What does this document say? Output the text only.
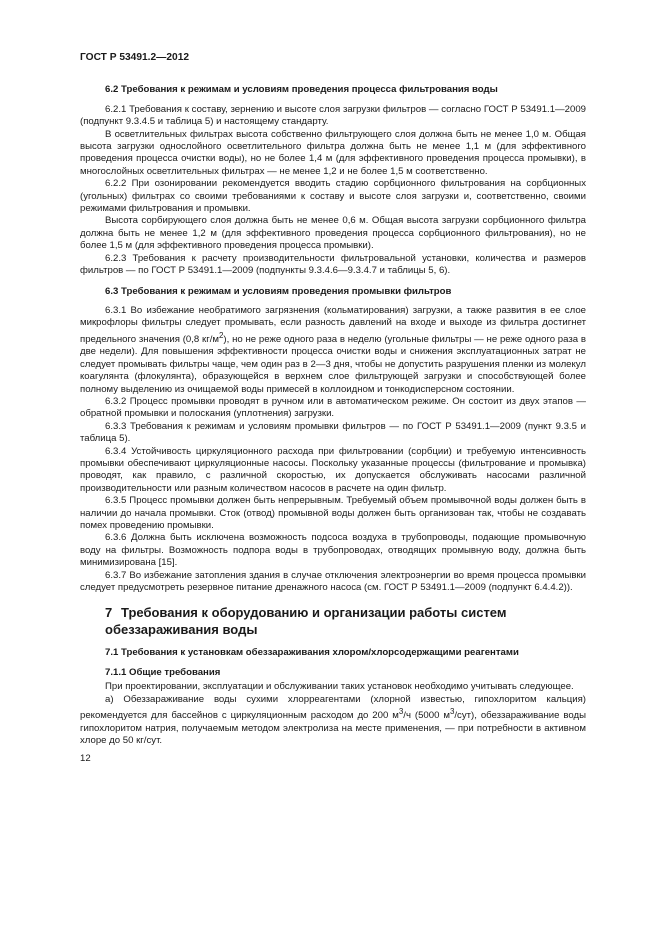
ГОСТ Р 53491.2—2012
6.2 Требования к режимам и условиям проведения процесса фильтрования воды

6.2.1 Требования к составу, зернению и высоте слоя загрузки фильтров — согласно ГОСТ Р 53491.1—2009 (подпункт 9.3.4.5 и таблица 5) и настоящему стандарту.

В осветлительных фильтрах высота собственно фильтрующего слоя должна быть не менее 1,0 м. Общая высота загрузки однослойного осветлительного фильтра должна быть не менее 1,1 м (для эффективного проведения процесса очистки воды), но не более 1,4 м (для эффективного проведения процесса промывки), в многослойных осветлительных фильтрах — не менее 1,2 и не более 1,5 м соответственно.

6.2.2 При озонировании рекомендуется вводить стадию сорбционного фильтрования на сорбционных (угольных) фильтрах со своими требованиями к составу и высоте слоя загрузки и, соответственно, своими режимами фильтрования и промывки.

Высота сорбирующего слоя должна быть не менее 0,6 м. Общая высота загрузки сорбционного фильтра должна быть не менее 1,2 м (для эффективного проведения процесса сорбционного фильтрования), но не более 1,5 м (для эффективного проведения процесса промывки).

6.2.3 Требования к расчету производительности фильтровальной установки, количества и размеров фильтров — по ГОСТ Р 53491.1—2009 (подпункты 9.3.4.6—9.3.4.7 и таблицы 5, 6).

6.3 Требования к режимам и условиям проведения промывки фильтров

6.3.1 Во избежание необратимого загрязнения (кольматирования) загрузки, а также развития в ее слое микрофлоры фильтры следует промывать, если разность давлений на входе и выходе из фильтра достигнет предельного значения (0,8 $кг/м^2$), но не реже одного раза в неделю (угольные фильтры — не реже одного раза в две недели). Для повышения эффективности процесса очистки воды и снижения эксплуатационных затрат не следует промывать фильтры чаще, чем один раз в 2—3 дня, чтобы не допустить разрушения пленки из молекул коагулянта (флокулянта), образующейся в верхнем слое фильтрующей загрузки и способствующей более полному выделению из очищаемой воды примесей в коллоидном и тонкодисперсном состоянии.

6.3.2 Процесс промывки проводят в ручном или в автоматическом режиме. Он состоит из двух этапов — обратной промывки и полоскания (уплотнения) загрузки.

6.3.3 Требования к режимам и условиям промывки фильтров — по ГОСТ Р 53491.1—2009 (пункт 9.3.5 и таблица 5).

6.3.4 Устойчивость циркуляционного расхода при фильтровании (сорбции) и требуемую интенсивность промывки обеспечивают циркуляционные насосы. Поскольку указанные процессы (фильтрование и промывка) проводят, как правило, с различной скоростью, их допускается обслуживать насосами различной производительности или разным количеством насосов в расчете на один фильтр.

6.3.5 Процесс промывки должен быть непрерывным. Требуемый объем промывочной воды должен быть в наличии до начала промывки. Сток (отвод) промывной воды должен быть организован так, чтобы не создавать помех проведению промывки.

6.3.6 Должна быть исключена возможность подсоса воздуха в трубопроводы, подающие промывочную воду на фильтры. Возможность подпора воды в трубопроводах, отводящих промывную воду, должна быть минимизирована [15].

6.3.7 Во избежание затопления здания в случае отключения электроэнергии во время процесса промывки следует предусмотреть резервное питание дренажного насоса (см. ГОСТ Р 53491.1—2009 (подпункт 6.4.4.2)).

7 Требования к оборудованию и организации работы систем
обеззараживания воды
7.1 Требования к установкам обеззараживания хлором/хлорсодержащими реагентами
7.1.1 Общие требования

При проектировании, эксплуатации и обслуживании таких установок необходимо учитывать следующее.

а) Обеззараживание воды сухими хлорреагентами (хлорной известью, гипохлоритом кальция) рекомендуется для бассейнов с циркуляционным расходом до 200 $м^3/ч$ (5000 $м^3/сут$), обеззараживание воды гипохлоритом натрия, получаемым методом электролиза на месте применения, — при потребности в активном хлоре до 50 кг/сут.

12
